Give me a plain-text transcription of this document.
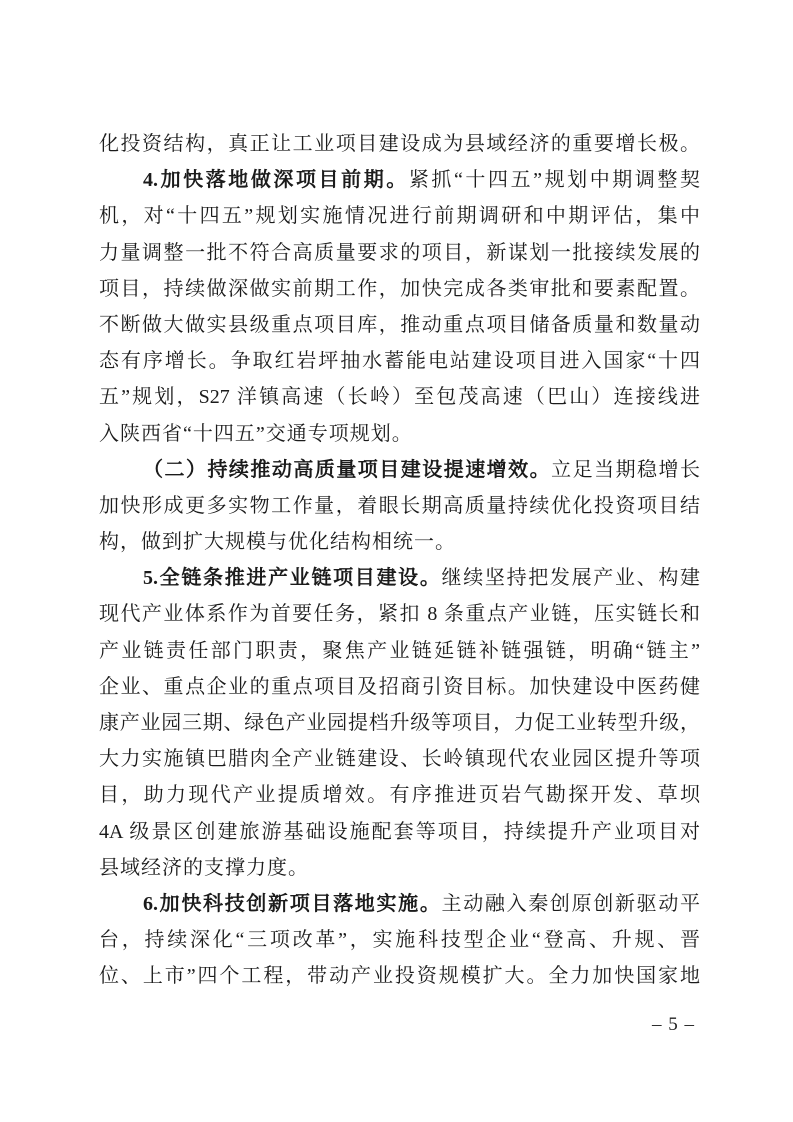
化投资结构，真正让工业项目建设成为县域经济的重要增长极。
4.加快落地做深项目前期。紧抓“十四五”规划中期调整契
机，对“十四五”规划实施情况进行前期调研和中期评估，集中
力量调整一批不符合高质量要求的项目，新谋划一批接续发展的
项目，持续做深做实前期工作，加快完成各类审批和要素配置。
不断做大做实县级重点项目库，推动重点项目储备质量和数量动
态有序增长。争取红岩坪抽水蓄能电站建设项目进入国家“十四
五”规划，S27 洋镇高速（长岭）至包茂高速（巴山）连接线进
入陕西省“十四五”交通专项规划。
（二）持续推动高质量项目建设提速增效。立足当期稳增长
加快形成更多实物工作量，着眼长期高质量持续优化投资项目结
构，做到扩大规模与优化结构相统一。
5.全链条推进产业链项目建设。继续坚持把发展产业、构建
现代产业体系作为首要任务，紧扣 8 条重点产业链，压实链长和
产业链责任部门职责，聚焦产业链延链补链强链，明确“链主”
企业、重点企业的重点项目及招商引资目标。加快建设中医药健
康产业园三期、绿色产业园提档升级等项目，力促工业转型升级，
大力实施镇巴腊肉全产业链建设、长岭镇现代农业园区提升等项
目，助力现代产业提质增效。有序推进页岩气勘探开发、草坝
4A 级景区创建旅游基础设施配套等项目，持续提升产业项目对
县域经济的支撑力度。
6.加快科技创新项目落地实施。主动融入秦创原创新驱动平
台，持续深化“三项改革”，实施科技型企业“登高、升规、晋
位、上市”四个工程，带动产业投资规模扩大。全力加快国家地
– 5 –
